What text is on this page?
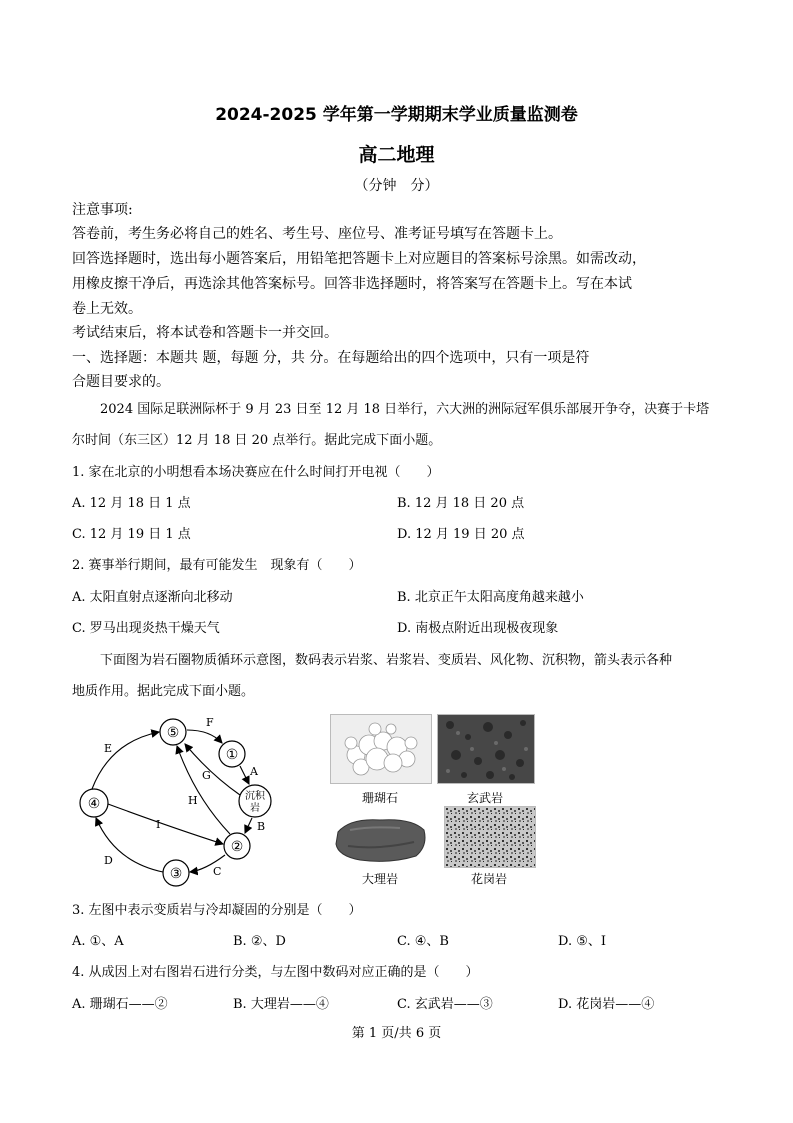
2024-2025 学年第一学期期末学业质量监测卷
高二地理
（分钟　分）
注意事项:
答卷前，考生务必将自己的姓名、考生号、座位号、准考证号填写在答题卡上。
回答选择题时，选出每小题答案后，用铅笔把答题卡上对应题目的答案标号涂黑。如需改动，
用橡皮擦干净后，再选涂其他答案标号。回答非选择题时，将答案写在答题卡上。写在本试
卷上无效。
考试结束后，将本试卷和答题卡一并交回。
一、选择题：本题共 题，每题 分，共 分。在每题给出的四个选项中，只有一项是符
合题目要求的。
2024 国际足联洲际杯于 9 月 23 日至 12 月 18 日举行，六大洲的洲际冠军俱乐部展开争夺，决赛于卡塔
尔时间（东三区）12 月 18 日 20 点举行。据此完成下面小题。
1. 家在北京的小明想看本场决赛应在什么时间打开电视（　　）
A. 12 月 18 日 1 点	B. 12 月 18 日 20 点
C. 12 月 19 日 1 点	D. 12 月 19 日 20 点
2. 赛事举行期间，最有可能发生　现象有（　　）
A. 太阳直射点逐渐向北移动	B. 北京正午太阳高度角越来越小
C. 罗马出现炎热干燥天气	D. 南极点附近出现极夜现象
下面图为岩石圈物质循环示意图，数码表示岩浆、岩浆岩、变质岩、风化物、沉积物，箭头表示各种
地质作用。据此完成下面小题。
⑤
①
沉积
岩
④
②
③
F
A
B
C
D
E
G
H
I
珊瑚石	玄武岩
大理岩	花岗岩
3. 左图中表示变质岩与冷却凝固的分别是（　　）
A. ①、A	B. ②、D	C. ④、B	D. ⑤、I
4. 从成因上对右图岩石进行分类，与左图中数码对应正确的是（　　）
A. 珊瑚石——②	B. 大理岩——④	C. 玄武岩——③	D. 花岗岩——④
第 1 页/共 6 页
